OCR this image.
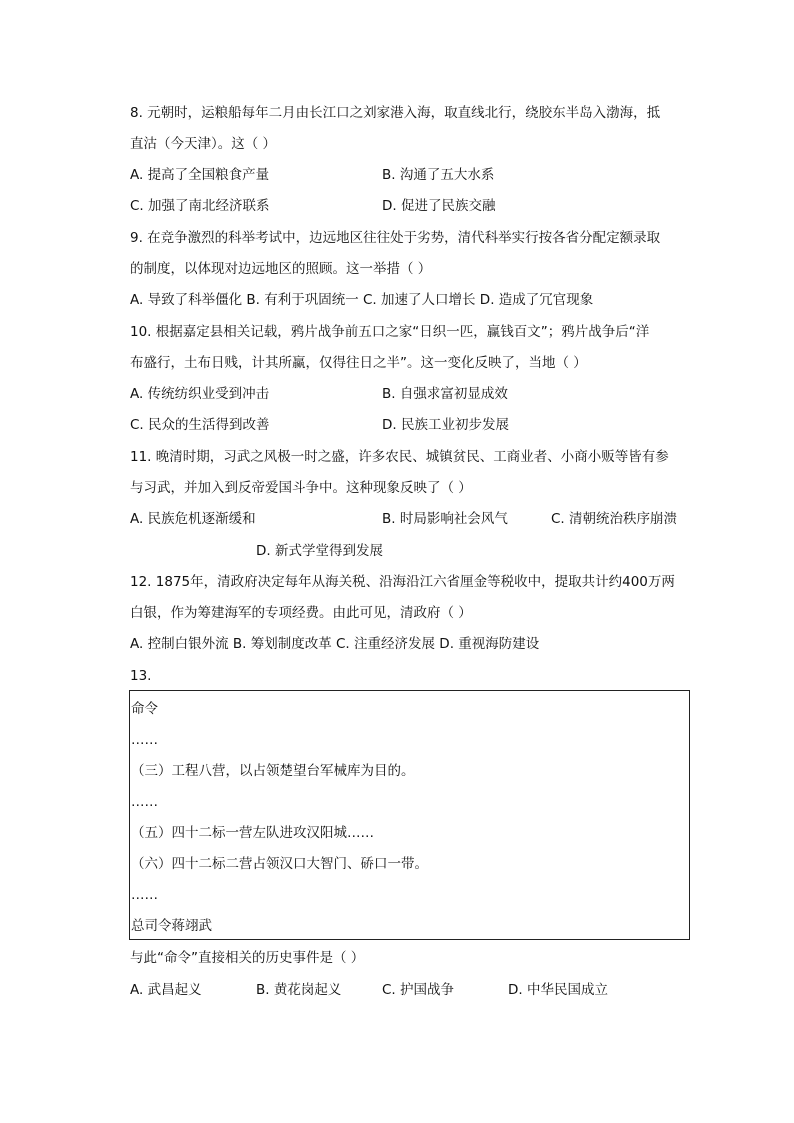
8. 元朝时，运粮船每年二月由长江口之刘家港入海，取直线北行，绕胶东半岛入渤海，抵
直沽（今天津）。这（ ）
A. 提高了全国粮食产量	B. 沟通了五大水系
C. 加强了南北经济联系	D. 促进了民族交融
9. 在竞争激烈的科举考试中，边远地区往往处于劣势，清代科举实行按各省分配定额录取
的制度，以体现对边远地区的照顾。这一举措（ ）
A. 导致了科举僵化 B. 有利于巩固统一 C. 加速了人口增长 D. 造成了冗官现象
10. 根据嘉定县相关记载，鸦片战争前五口之家“日织一匹，赢钱百文”；鸦片战争后“洋
布盛行，土布日贱，计其所赢，仅得往日之半”。这一变化反映了，当地（ ）
A. 传统纺织业受到冲击	B. 自强求富初显成效
C. 民众的生活得到改善	D. 民族工业初步发展
11. 晚清时期，习武之风极一时之盛，许多农民、城镇贫民、工商业者、小商小贩等皆有参
与习武，并加入到反帝爱国斗争中。这种现象反映了（ ）
A. 民族危机逐渐缓和	B. 时局影响社会风气	C. 清朝统治秩序崩溃
D. 新式学堂得到发展
12. 1875年，清政府决定每年从海关税、沿海沿江六省厘金等税收中，提取共计约400万两
白银，作为筹建海军的专项经费。由此可见，清政府（ ）
A. 控制白银外流 B. 筹划制度改革 C. 注重经济发展 D. 重视海防建设
13.
命令
……
（三）工程八营，以占领楚望台军械库为目的。
……
（五）四十二标一营左队进攻汉阳城……
（六）四十二标二营占领汉口大智门、硚口一带。
……
总司令蒋翊武
与此“命令”直接相关的历史事件是（ ）
A. 武昌起义	B. 黄花岗起义	C. 护国战争	D. 中华民国成立
